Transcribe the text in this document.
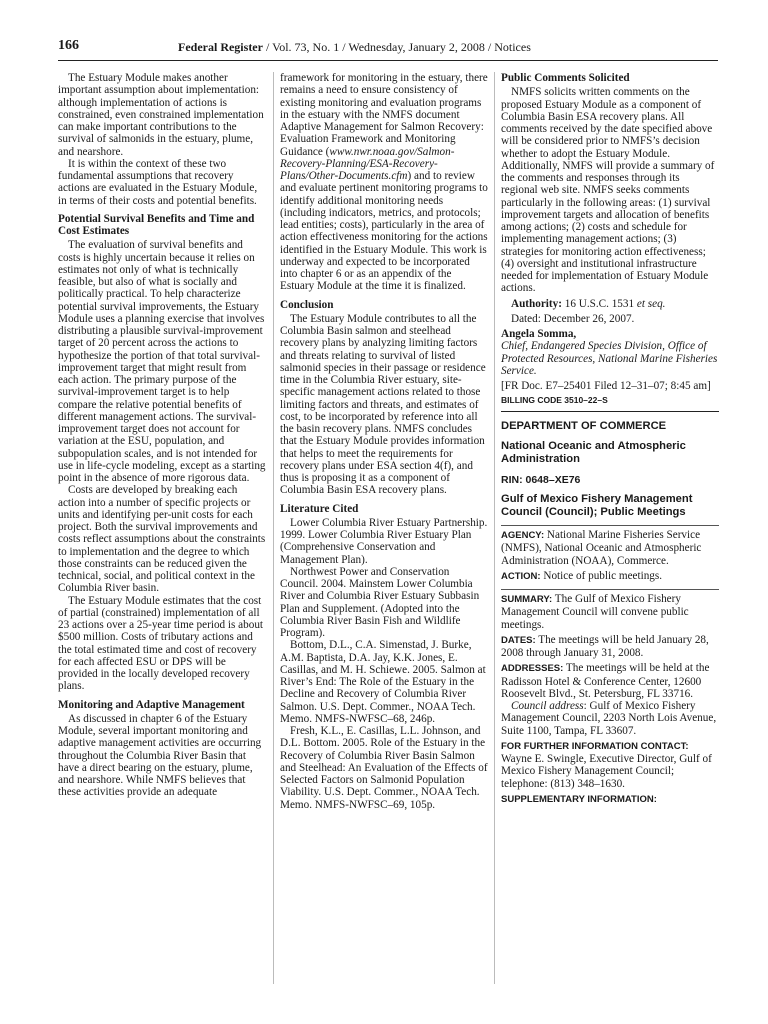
166	Federal Register / Vol. 73, No. 1 / Wednesday, January 2, 2008 / Notices

The Estuary Module makes another important assumption about implementation: although implementation of actions is constrained, even constrained implementation can make important contributions to the survival of salmonids in the estuary, plume, and nearshore.

It is within the context of these two fundamental assumptions that recovery actions are evaluated in the Estuary Module, in terms of their costs and potential benefits.

Potential Survival Benefits and Time and Cost Estimates

The evaluation of survival benefits and costs is highly uncertain because it relies on estimates not only of what is technically feasible, but also of what is socially and politically practical. To help characterize potential survival improvements, the Estuary Module uses a planning exercise that involves distributing a plausible survival-improvement target of 20 percent across the actions to hypothesize the portion of that total survival-improvement target that might result from each action. The primary purpose of the survival-improvement target is to help compare the relative potential benefits of different management actions. The survival-improvement target does not account for variation at the ESU, population, and subpopulation scales, and is not intended for use in life-cycle modeling, except as a starting point in the absence of more rigorous data.

Costs are developed by breaking each action into a number of specific projects or units and identifying per-unit costs for each project. Both the survival improvements and costs reflect assumptions about the constraints to implementation and the degree to which those constraints can be reduced given the technical, social, and political context in the Columbia River basin.

The Estuary Module estimates that the cost of partial (constrained) implementation of all 23 actions over a 25-year time period is about $500 million. Costs of tributary actions and the total estimated time and cost of recovery for each affected ESU or DPS will be provided in the locally developed recovery plans.

Monitoring and Adaptive Management

As discussed in chapter 6 of the Estuary Module, several important monitoring and adaptive management activities are occurring throughout the Columbia River Basin that have a direct bearing on the estuary, plume, and nearshore. While NMFS believes that these activities provide an adequate

framework for monitoring in the estuary, there remains a need to ensure consistency of existing monitoring and evaluation programs in the estuary with the NMFS document Adaptive Management for Salmon Recovery: Evaluation Framework and Monitoring Guidance (www.nwr.noaa.gov/Salmon-Recovery-Planning/ESA-Recovery-Plans/Other-Documents.cfm) and to review and evaluate pertinent monitoring programs to identify additional monitoring needs (including indicators, metrics, and protocols; lead entities; costs), particularly in the area of action effectiveness monitoring for the actions identified in the Estuary Module. This work is underway and expected to be incorporated into chapter 6 or as an appendix of the Estuary Module at the time it is finalized.

Conclusion

The Estuary Module contributes to all the Columbia Basin salmon and steelhead recovery plans by analyzing limiting factors and threats relating to survival of listed salmonid species in their passage or residence time in the Columbia River estuary, site-specific management actions related to those limiting factors and threats, and estimates of cost, to be incorporated by reference into all the basin recovery plans. NMFS concludes that the Estuary Module provides information that helps to meet the requirements for recovery plans under ESA section 4(f), and thus is proposing it as a component of Columbia Basin ESA recovery plans.

Literature Cited

Lower Columbia River Estuary Partnership. 1999. Lower Columbia River Estuary Plan (Comprehensive Conservation and Management Plan).

Northwest Power and Conservation Council. 2004. Mainstem Lower Columbia River and Columbia River Estuary Subbasin Plan and Supplement. (Adopted into the Columbia River Basin Fish and Wildlife Program).

Bottom, D.L., C.A. Simenstad, J. Burke, A.M. Baptista, D.A. Jay, K.K. Jones, E. Casillas, and M. H. Schiewe. 2005. Salmon at River’s End: The Role of the Estuary in the Decline and Recovery of Columbia River Salmon. U.S. Dept. Commer., NOAA Tech. Memo. NMFS-NWFSC–68, 246p.

Fresh, K.L., E. Casillas, L.L. Johnson, and D.L. Bottom. 2005. Role of the Estuary in the Recovery of Columbia River Basin Salmon and Steelhead: An Evaluation of the Effects of Selected Factors on Salmonid Population Viability. U.S. Dept. Commer., NOAA Tech. Memo. NMFS-NWFSC–69, 105p.

Public Comments Solicited

NMFS solicits written comments on the proposed Estuary Module as a component of Columbia Basin ESA recovery plans. All comments received by the date specified above will be considered prior to NMFS’s decision whether to adopt the Estuary Module. Additionally, NMFS will provide a summary of the comments and responses through its regional web site. NMFS seeks comments particularly in the following areas: (1) survival improvement targets and allocation of benefits among actions; (2) costs and schedule for implementing management actions; (3) strategies for monitoring action effectiveness; (4) oversight and institutional infrastructure needed for implementation of Estuary Module actions.

Authority: 16 U.S.C. 1531 et seq.

Dated: December 26, 2007.

Angela Somma,

Chief, Endangered Species Division, Office of Protected Resources, National Marine Fisheries Service.

[FR Doc. E7–25401 Filed 12–31–07; 8:45 am]

BILLING CODE 3510–22–S

DEPARTMENT OF COMMERCE

National Oceanic and Atmospheric Administration

RIN: 0648–XE76

Gulf of Mexico Fishery Management Council (Council); Public Meetings

AGENCY: National Marine Fisheries Service (NMFS), National Oceanic and Atmospheric Administration (NOAA), Commerce.

ACTION: Notice of public meetings.

SUMMARY: The Gulf of Mexico Fishery Management Council will convene public meetings.

DATES: The meetings will be held January 28, 2008 through January 31, 2008.

ADDRESSES: The meetings will be held at the Radisson Hotel & Conference Center, 12600 Roosevelt Blvd., St. Petersburg, FL 33716.

Council address: Gulf of Mexico Fishery Management Council, 2203 North Lois Avenue, Suite 1100, Tampa, FL 33607.

FOR FURTHER INFORMATION CONTACT:
Wayne E. Swingle, Executive Director, Gulf of Mexico Fishery Management Council; telephone: (813) 348–1630.

SUPPLEMENTARY INFORMATION:
